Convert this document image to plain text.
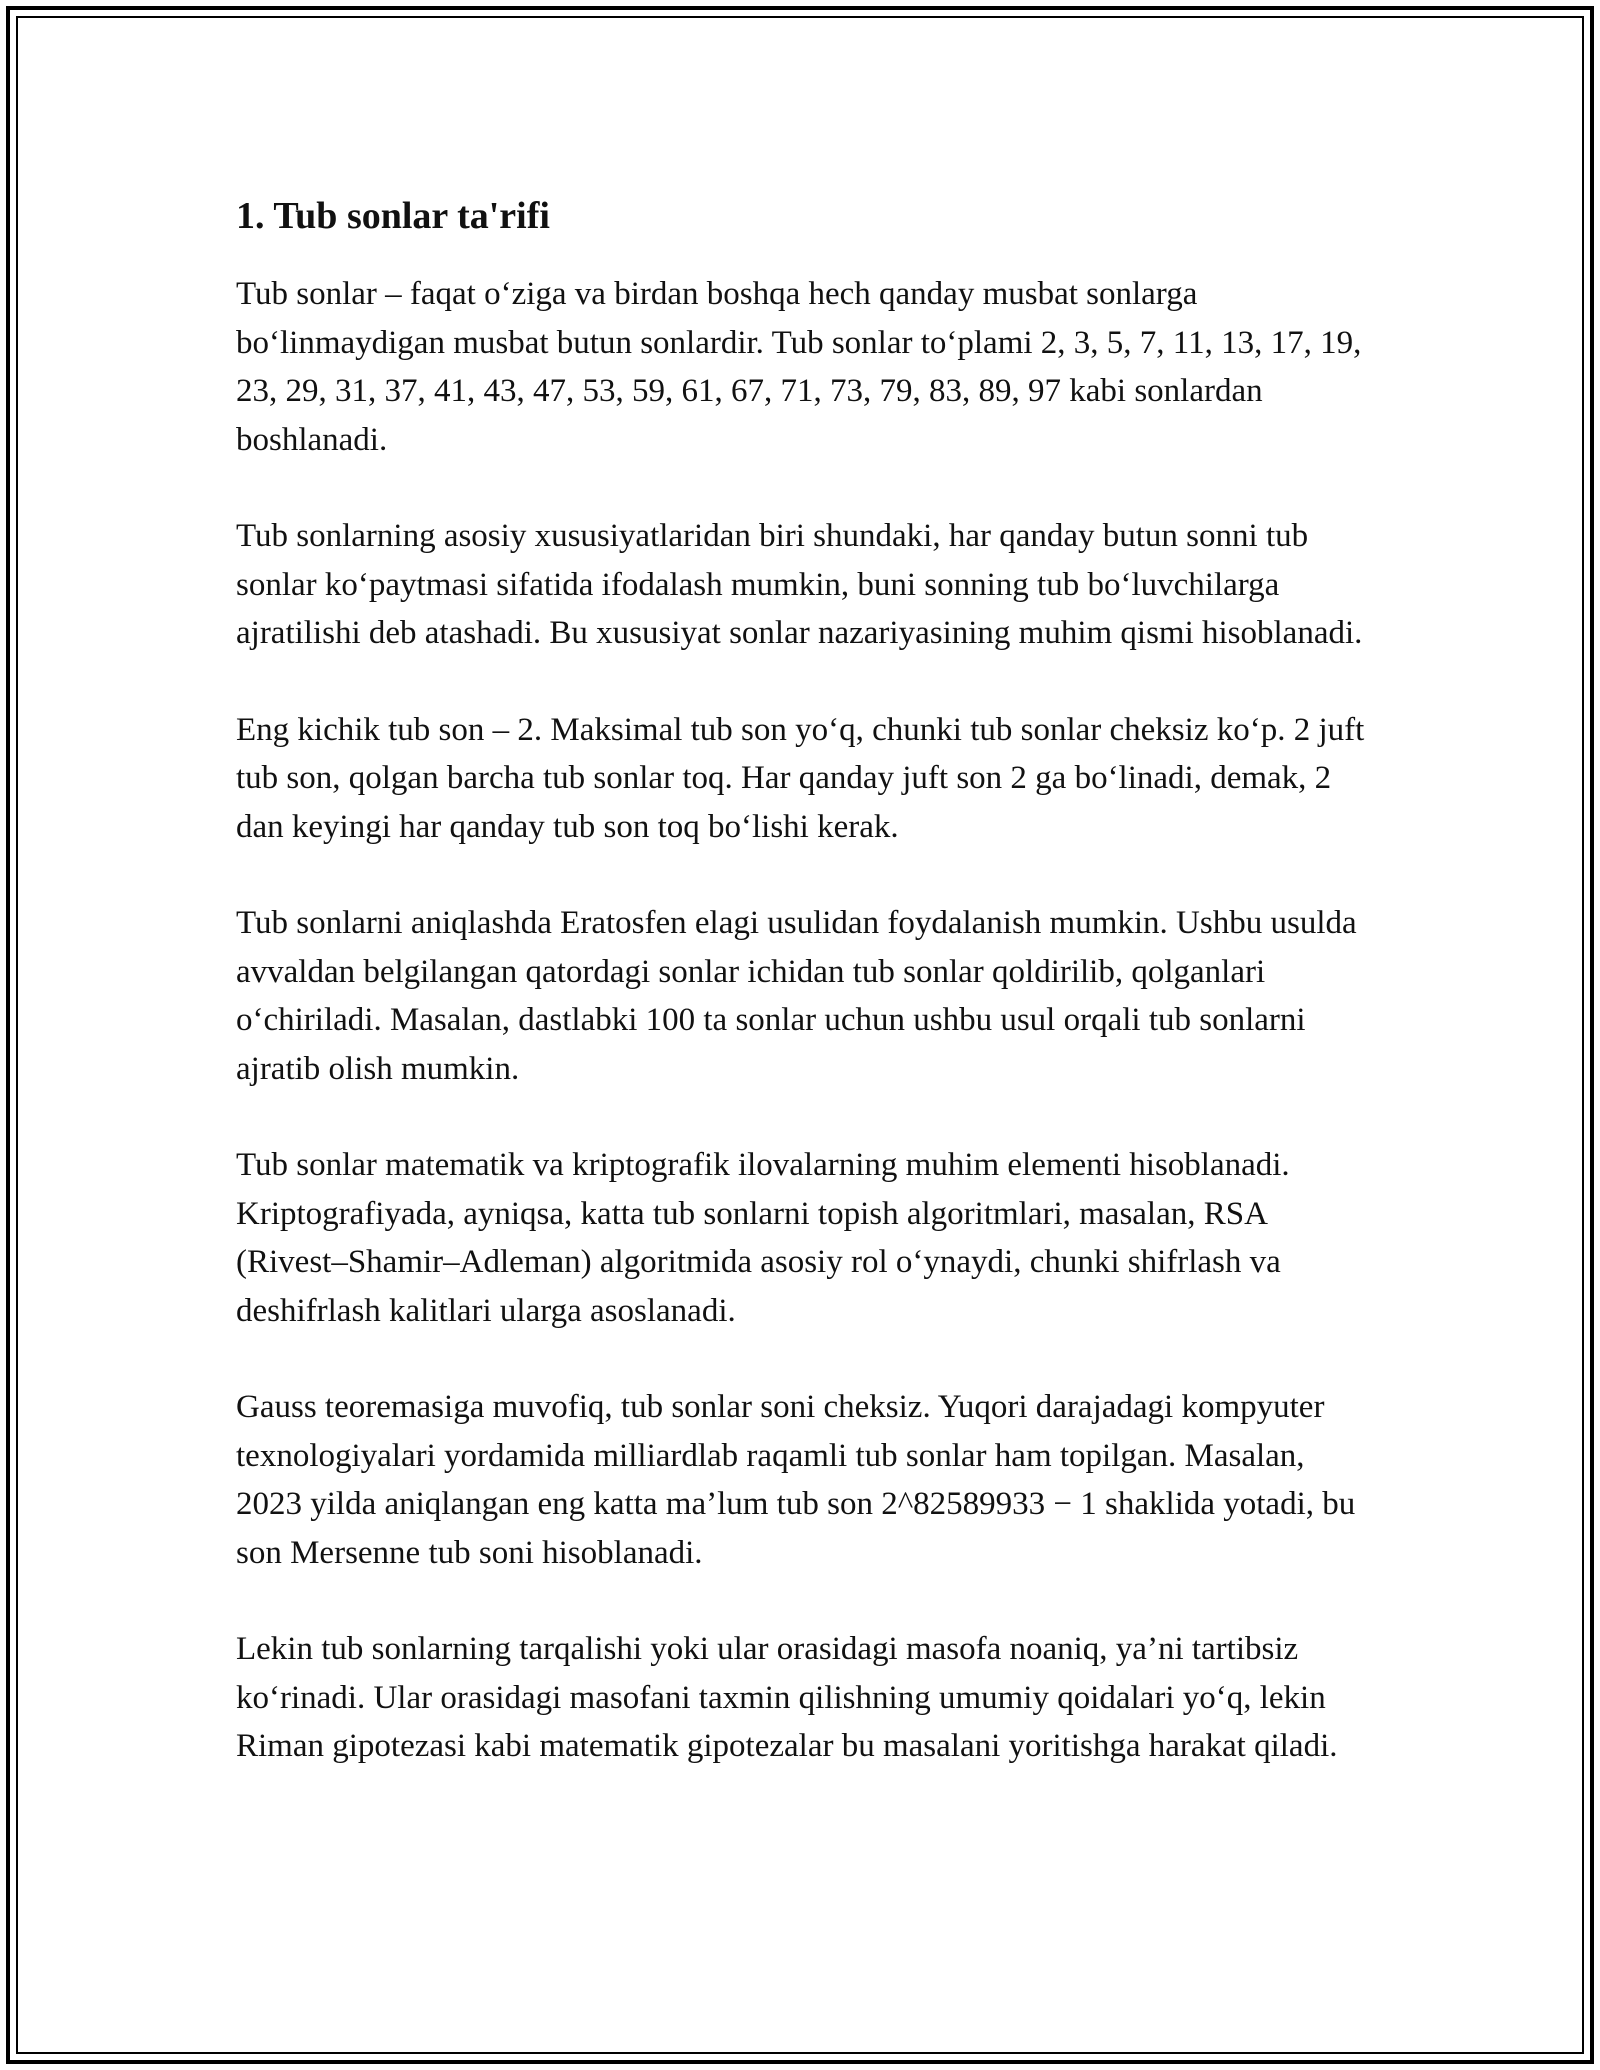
1. Tub sonlar ta'rifi

Tub sonlar – faqat o‘ziga va birdan boshqa hech qanday musbat sonlarga bo‘linmaydigan musbat butun sonlardir. Tub sonlar to‘plami 2, 3, 5, 7, 11, 13, 17, 19, 23, 29, 31, 37, 41, 43, 47, 53, 59, 61, 67, 71, 73, 79, 83, 89, 97 kabi sonlardan boshlanadi.

Tub sonlarning asosiy xususiyatlaridan biri shundaki, har qanday butun sonni tub sonlar ko‘paytmasi sifatida ifodalash mumkin, buni sonning tub bo‘luvchilarga ajratilishi deb atashadi. Bu xususiyat sonlar nazariyasining muhim qismi hisoblanadi.

Eng kichik tub son – 2. Maksimal tub son yo‘q, chunki tub sonlar cheksiz ko‘p. 2 juft tub son, qolgan barcha tub sonlar toq. Har qanday juft son 2 ga bo‘linadi, demak, 2 dan keyingi har qanday tub son toq bo‘lishi kerak.

Tub sonlarni aniqlashda Eratosfen elagi usulidan foydalanish mumkin. Ushbu usulda avvaldan belgilangan qatordagi sonlar ichidan tub sonlar qoldirilib, qolganlari o‘chiriladi. Masalan, dastlabki 100 ta sonlar uchun ushbu usul orqali tub sonlarni ajratib olish mumkin.

Tub sonlar matematik va kriptografik ilovalarning muhim elementi hisoblanadi. Kriptografiyada, ayniqsa, katta tub sonlarni topish algoritmlari, masalan, RSA (Rivest–Shamir–Adleman) algoritmida asosiy rol o‘ynaydi, chunki shifrlash va deshifrlash kalitlari ularga asoslanadi.

Gauss teoremasiga muvofiq, tub sonlar soni cheksiz. Yuqori darajadagi kompyuter texnologiyalari yordamida milliardlab raqamli tub sonlar ham topilgan. Masalan, 2023 yilda aniqlangan eng katta ma’lum tub son 2^82589933 − 1 shaklida yotadi, bu son Mersenne tub soni hisoblanadi.

Lekin tub sonlarning tarqalishi yoki ular orasidagi masofa noaniq, ya’ni tartibsiz ko‘rinadi. Ular orasidagi masofani taxmin qilishning umumiy qoidalari yo‘q, lekin Riman gipotezasi kabi matematik gipotezalar bu masalani yoritishga harakat qiladi.
